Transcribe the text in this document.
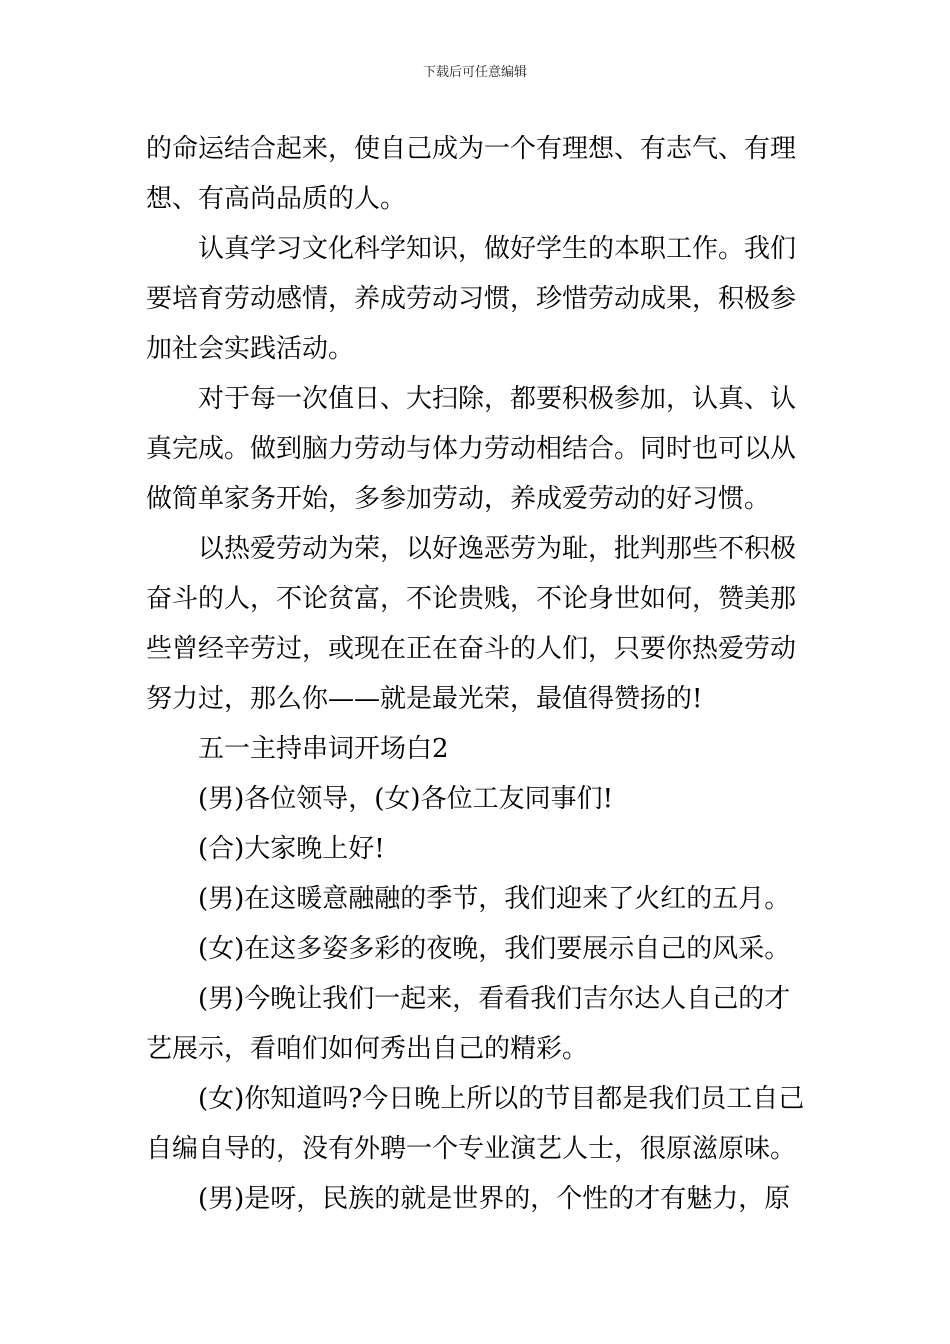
下载后可任意编辑
的命运结合起来，使自己成为一个有理想、有志气、有理
想、有高尚品质的人。
认真学习文化科学知识，做好学生的本职工作。我们
要培育劳动感情，养成劳动习惯，珍惜劳动成果，积极参
加社会实践活动。
对于每一次值日、大扫除，都要积极参加，认真、认
真完成。做到脑力劳动与体力劳动相结合。同时也可以从
做简单家务开始，多参加劳动，养成爱劳动的好习惯。
以热爱劳动为荣，以好逸恶劳为耻，批判那些不积极
奋斗的人，不论贫富，不论贵贱，不论身世如何，赞美那
些曾经辛劳过，或现在正在奋斗的人们，只要你热爱劳动
努力过，那么你——就是最光荣，最值得赞扬的!
五一主持串词开场白2
(男)各位领导，(女)各位工友同事们!
(合)大家晚上好!
(男)在这暖意融融的季节，我们迎来了火红的五月。
(女)在这多姿多彩的夜晚，我们要展示自己的风采。
(男)今晚让我们一起来，看看我们吉尔达人自己的才
艺展示，看咱们如何秀出自己的精彩。
(女)你知道吗?今日晚上所以的节目都是我们员工自己
自编自导的，没有外聘一个专业演艺人士，很原滋原味。
(男)是呀，民族的就是世界的，个性的才有魅力，原
